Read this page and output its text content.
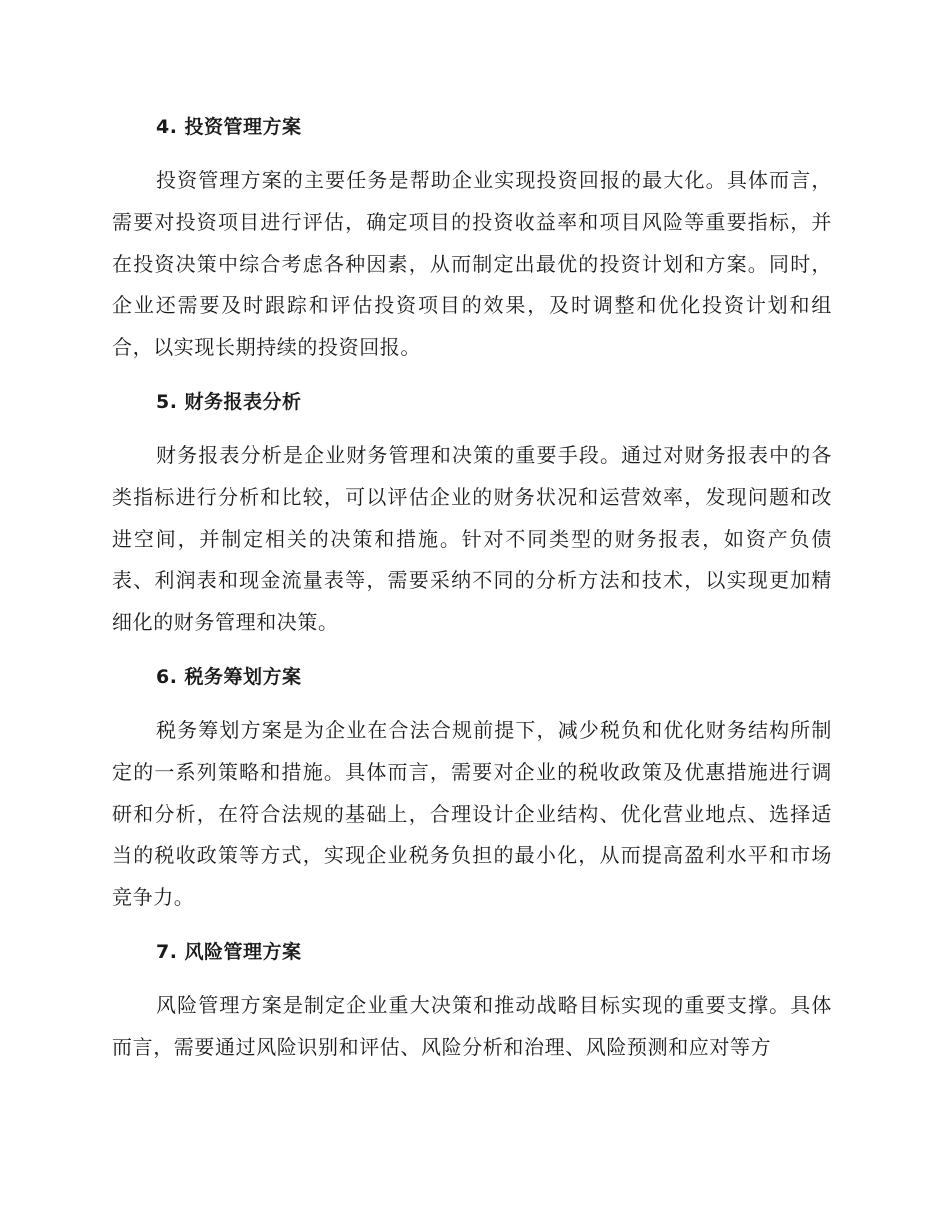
4. 投资管理方案

投资管理方案的主要任务是帮助企业实现投资回报的最大化。具体而言，需要对投资项目进行评估，确定项目的投资收益率和项目风险等重要指标，并在投资决策中综合考虑各种因素，从而制定出最优的投资计划和方案。同时，企业还需要及时跟踪和评估投资项目的效果，及时调整和优化投资计划和组合，以实现长期持续的投资回报。

5. 财务报表分析

财务报表分析是企业财务管理和决策的重要手段。通过对财务报表中的各类指标进行分析和比较，可以评估企业的财务状况和运营效率，发现问题和改进空间，并制定相关的决策和措施。针对不同类型的财务报表，如资产负债表、利润表和现金流量表等，需要采纳不同的分析方法和技术，以实现更加精细化的财务管理和决策。

6. 税务筹划方案

税务筹划方案是为企业在合法合规前提下，减少税负和优化财务结构所制定的一系列策略和措施。具体而言，需要对企业的税收政策及优惠措施进行调研和分析，在符合法规的基础上，合理设计企业结构、优化营业地点、选择适当的税收政策等方式，实现企业税务负担的最小化，从而提高盈利水平和市场竞争力。

7. 风险管理方案

风险管理方案是制定企业重大决策和推动战略目标实现的重要支撑。具体而言，需要通过风险识别和评估、风险分析和治理、风险预测和应对等方
